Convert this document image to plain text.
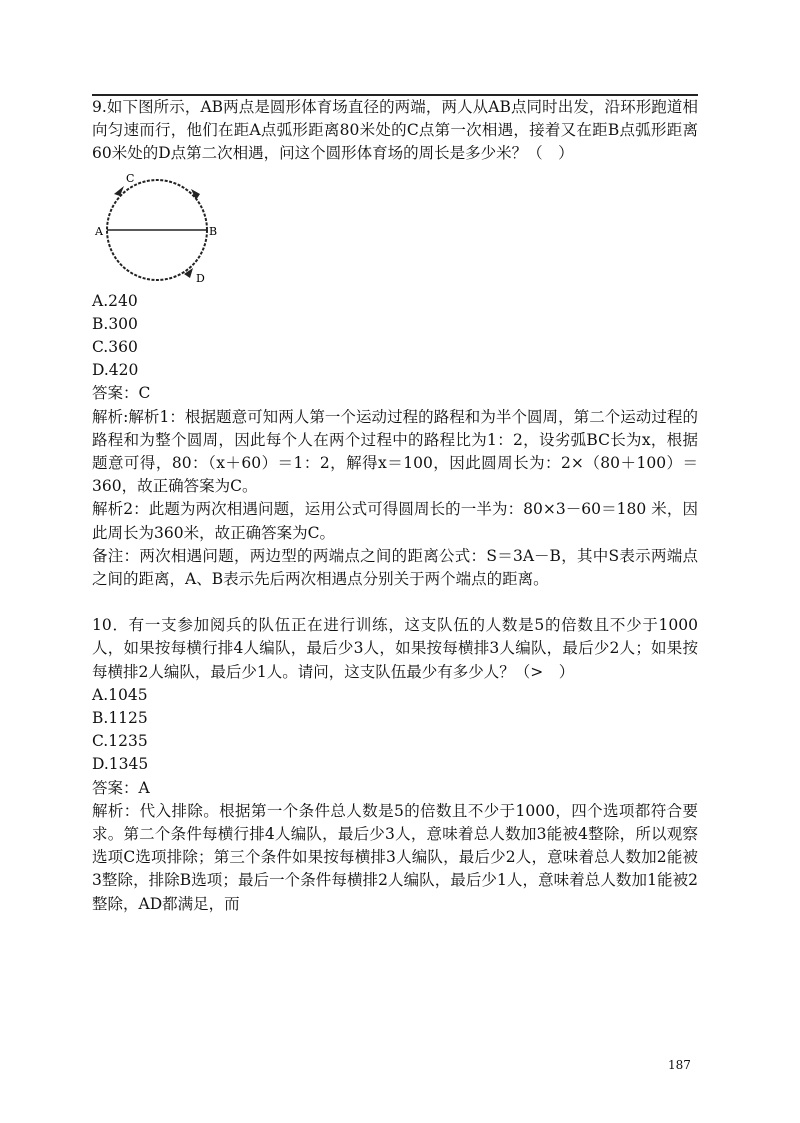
9.如下图所示，AB两点是圆形体育场直径的两端，两人从AB点同时出发，沿环形跑道相向匀速而行，他们在距A点弧形距离80米处的C点第一次相遇，接着又在距B点弧形距离60米处的D点第二次相遇，问这个圆形体育场的周长是多少米？（　）

A	B
C
D
A.240
B.300
C.360
D.420

答案：C

解析:解析1：根据题意可知两人第一个运动过程的路程和为半个圆周，第二个运动过程的路程和为整个圆周，因此每个人在两个过程中的路程比为1：2，设劣弧BC长为x，根据题意可得，80：（x＋60）＝1：2，解得x＝100，因此圆周长为：2×（80＋100）＝360，故正确答案为C。

解析2：此题为两次相遇问题，运用公式可得圆周长的一半为：80×3－60＝180 米，因此周长为360米，故正确答案为C。

备注：两次相遇问题，两边型的两端点之间的距离公式：S＝3A－B，其中S表示两端点之间的距离，A、B表示先后两次相遇点分别关于两个端点的距离。

10．有一支参加阅兵的队伍正在进行训练，这支队伍的人数是5的倍数且不少于1000人，如果按每横行排4人编队，最后少3人，如果按每横排3人编队，最后少2人；如果按每横排2人编队，最后少1人。请问，这支队伍最少有多少人？（>　）

A.1045
B.1125
C.1235
D.1345

答案：A

解析：代入排除。根据第一个条件总人数是5的倍数且不少于1000，四个选项都符合要求。第二个条件每横行排4人编队，最后少3人，意味着总人数加3能被4整除，所以观察选项C选项排除；第三个条件如果按每横排3人编队，最后少2人，意味着总人数加2能被3整除，排除B选项；最后一个条件每横排2人编队，最后少1人，意味着总人数加1能被2整除，AD都满足，而

187
